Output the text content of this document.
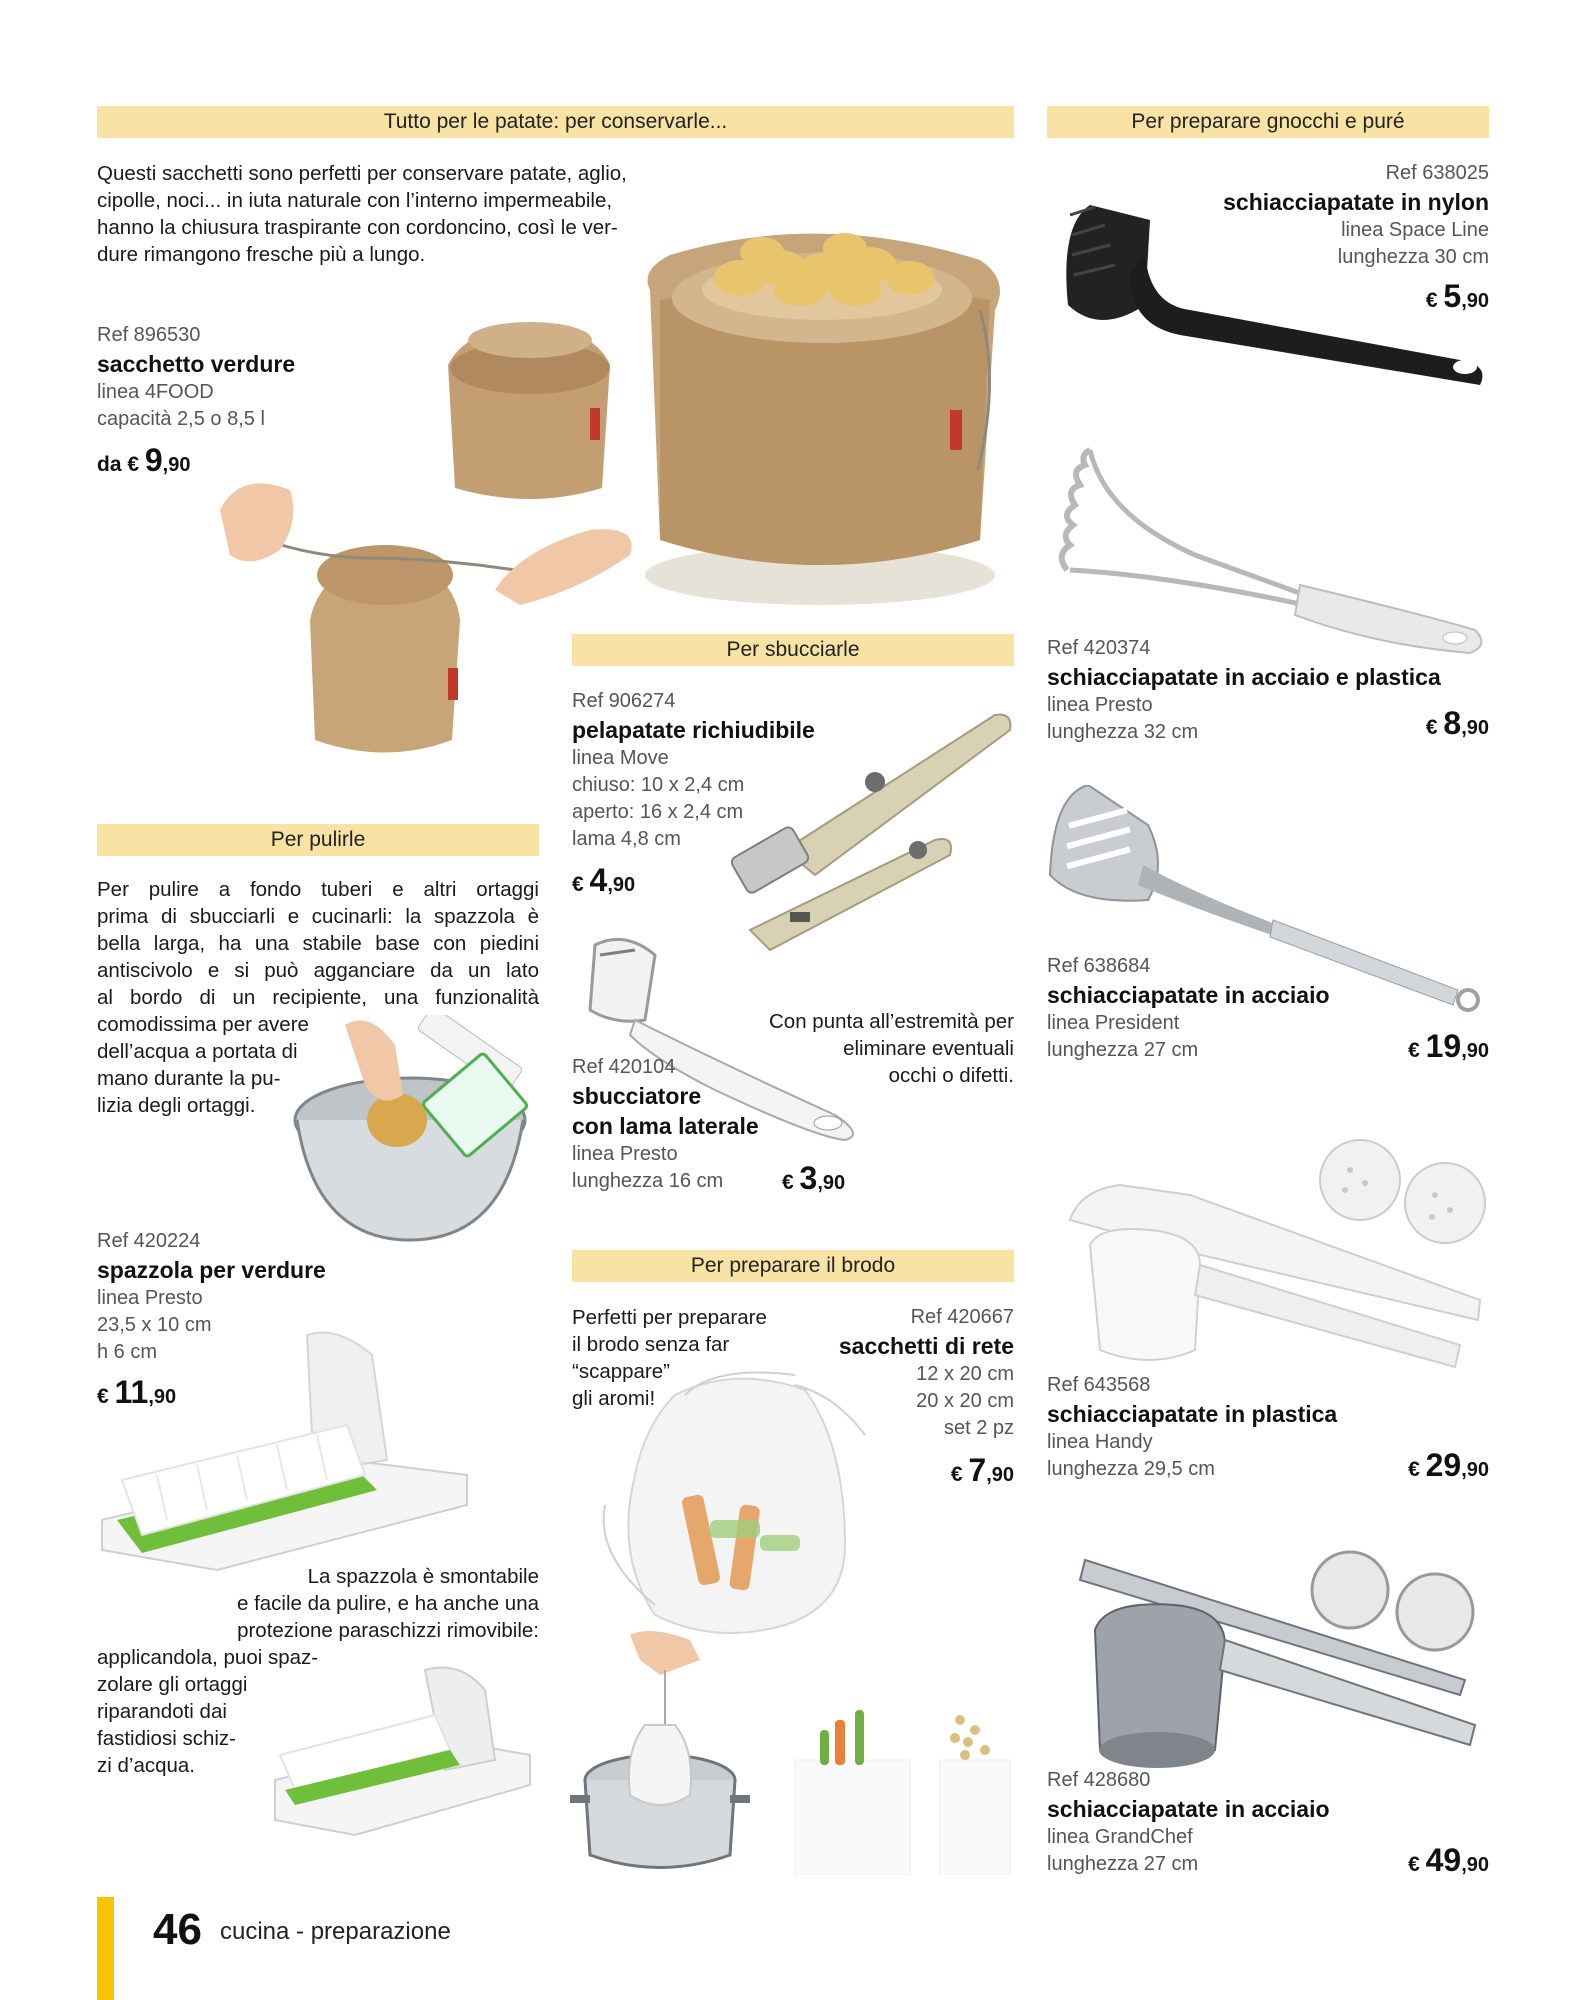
Tutto per le patate: per conservarle...	Per preparare gnocchi e puré
Per sbucciarle
Per pulirle
Per preparare il brodo
Questi sacchetti sono perfetti per conservare patate, aglio,
cipolle, noci... in iuta naturale con l’interno impermeabile,
hanno la chiusura traspirante con cordoncino, così le ver-
dure rimangono fresche più a lungo.
Ref 896530
sacchetto verdure
linea 4FOOD
capacità 2,5 o 8,5 l
da € 9,90
Ref 638025
schiacciapatate in nylon
linea Space Line
lunghezza 30 cm
€ 5,90
Ref 420374
schiacciapatate in acciaio e plastica
linea Presto
lunghezza 32 cm	€ 8,90
Ref 638684
schiacciapatate in acciaio
linea President
lunghezza 27 cm	€ 19,90
Ref 643568
schiacciapatate in plastica
linea Handy
lunghezza 29,5 cm	€ 29,90
Ref 428680
schiacciapatate in acciaio
linea GrandChef
lunghezza 27 cm	€ 49,90
Ref 906274
pelapatate richiudibile
linea Move
chiuso: 10 x 2,4 cm
aperto: 16 x 2,4 cm
lama 4,8 cm
€ 4,90
Con punta all’estremità per
eliminare eventuali
occhi o difetti.
Ref 420104
sbucciatore
con lama laterale
linea Presto
lunghezza 16 cm	€ 3,90
Per pulire a fondo tuberi e altri ortaggi
prima di sbucciarli e cucinarli: la spazzola è
bella larga, ha una stabile base con piedini
antiscivolo e si può agganciare da un lato
al bordo di un recipiente, una funzionalità
comodissima per avere
dell’acqua a portata di
mano durante la pu-
lizia degli ortaggi.
Ref 420224
spazzola per verdure
linea Presto
23,5 x 10 cm
h 6 cm
€ 11,90
La spazzola è smontabile
e facile da pulire, e ha anche una
protezione paraschizzi rimovibile:
applicandola, puoi spaz-
zolare gli ortaggi
riparandoti dai
fastidiosi schiz-
zi d’acqua.
Perfetti per preparare
il brodo senza far
“scappare”
gli aromi!
Ref 420667
sacchetti di rete
12 x 20 cm
20 x 20 cm
set 2 pz
€ 7,90
46 cucina - preparazione
